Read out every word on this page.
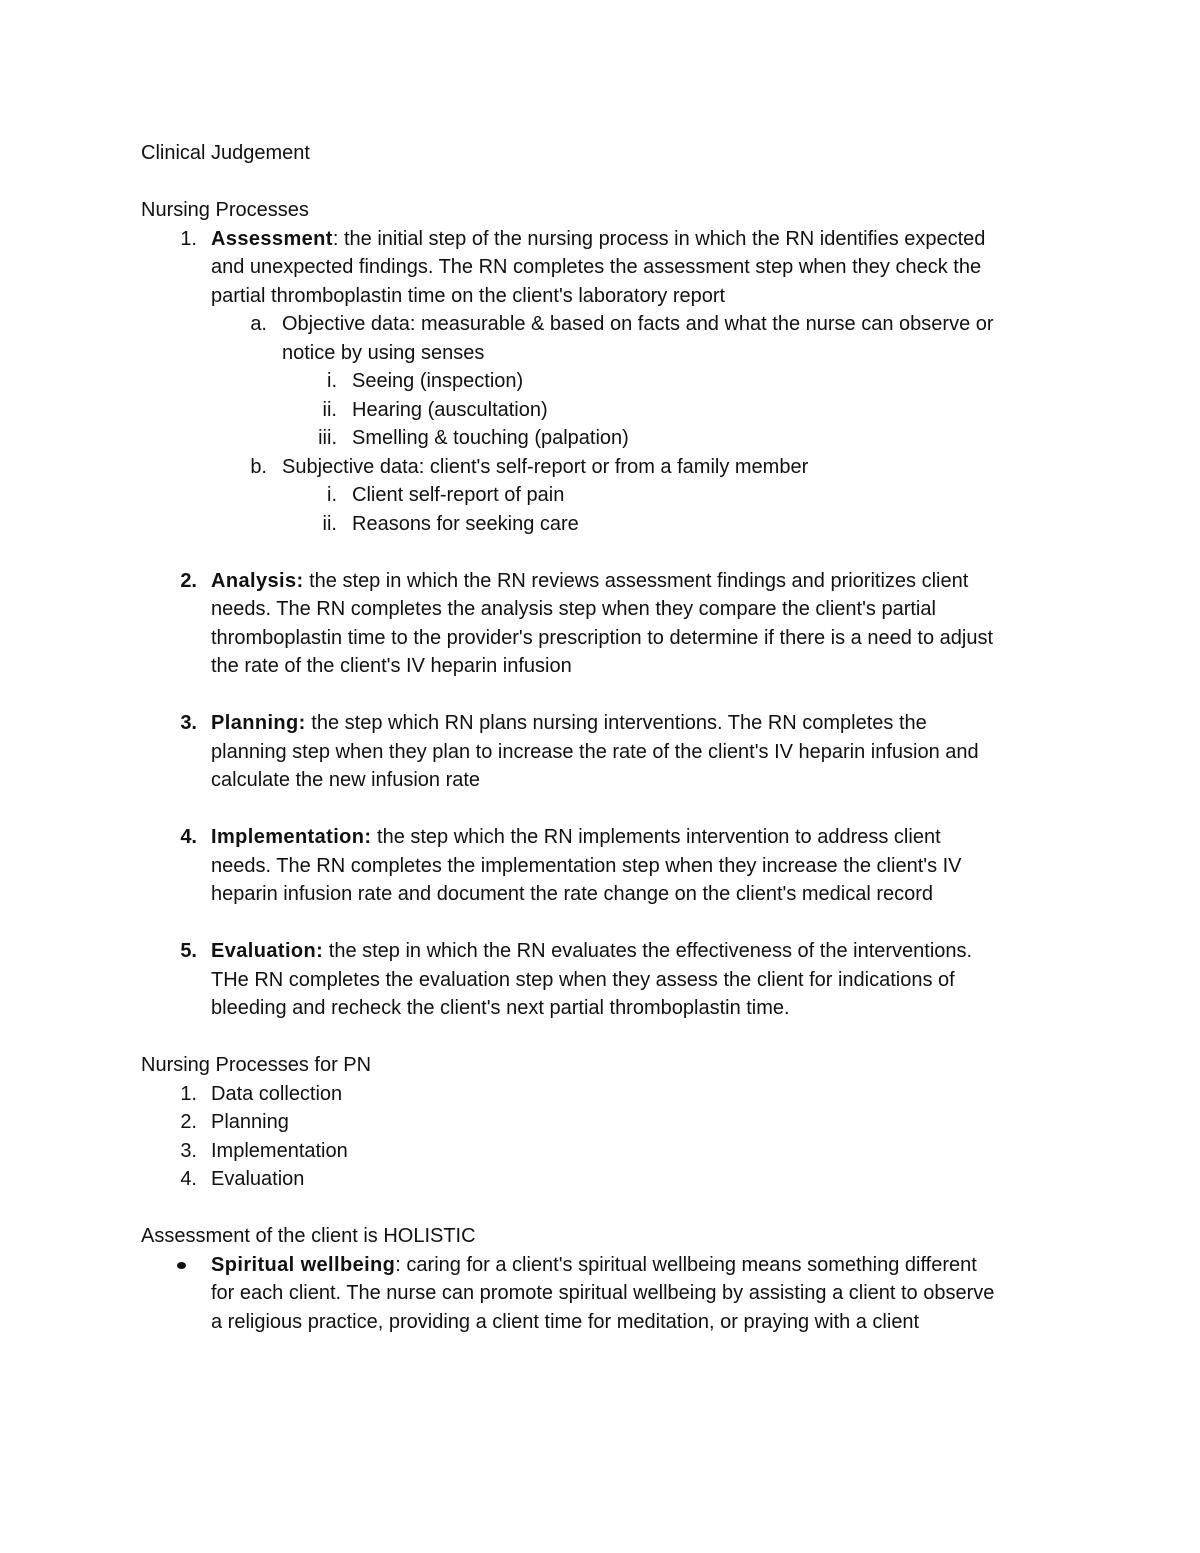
Clinical Judgement

Nursing Processes

1. Assessment: the initial step of the nursing process in which the RN identifies expected

and unexpected findings. The RN completes the assessment step when they check the

partial thromboplastin time on the client's laboratory report

a. Objective data: measurable & based on facts and what the nurse can observe or

notice by using senses

i. Seeing (inspection)

ii. Hearing (auscultation)

iii. Smelling & touching (palpation)

b. Subjective data: client's self-report or from a family member

i. Client self-report of pain

ii. Reasons for seeking care

2. Analysis: the step in which the RN reviews assessment findings and prioritizes client

needs. The RN completes the analysis step when they compare the client's partial

thromboplastin time to the provider's prescription to determine if there is a need to adjust

the rate of the client's IV heparin infusion

3. Planning: the step which RN plans nursing interventions. The RN completes the

planning step when they plan to increase the rate of the client's IV heparin infusion and

calculate the new infusion rate

4. Implementation: the step which the RN implements intervention to address client

needs. The RN completes the implementation step when they increase the client's IV

heparin infusion rate and document the rate change on the client's medical record

5. Evaluation: the step in which the RN evaluates the effectiveness of the interventions.

THe RN completes the evaluation step when they assess the client for indications of

bleeding and recheck the client's next partial thromboplastin time.

Nursing Processes for PN

1. Data collection

2. Planning

3. Implementation

4. Evaluation

Assessment of the client is HOLISTIC

Spiritual wellbeing: caring for a client's spiritual wellbeing means something different

for each client. The nurse can promote spiritual wellbeing by assisting a client to observe

a religious practice, providing a client time for meditation, or praying with a client
